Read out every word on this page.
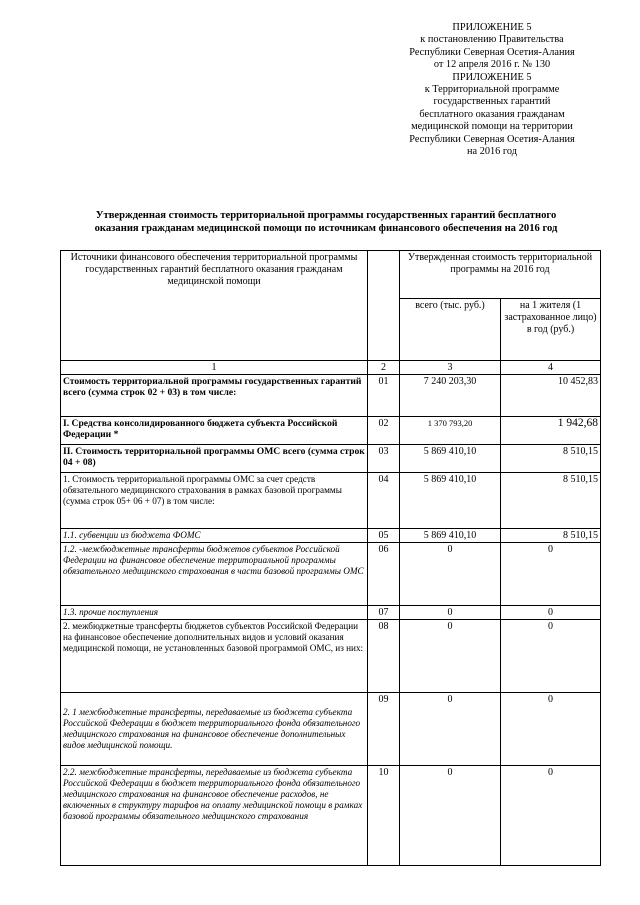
ПРИЛОЖЕНИЕ 5
к постановлению Правительства
Республики Северная Осетия-Алания
от 12 апреля 2016 г. № 130
ПРИЛОЖЕНИЕ 5
к Территориальной программе
государственных гарантий
бесплатного оказания гражданам
медицинской помощи на территории
Республики Северная Осетия-Алания
на 2016 год
Утвержденная стоимость территориальной программы государственных гарантий бесплатного
оказания гражданам медицинской помощи по источникам финансового обеспечения на 2016 год
Источники финансового обеспечения территориальной программы государственных гарантий бесплатного оказания гражданам медицинской помощи		Утвержденная стоимость территориальной программы на 2016 год	
		всего (тыс. руб.)	на 1 жителя (1 застрахованное лицо) в год (руб.)
1	2	3	4
Стоимость территориальной программы государственных гарантий всего (сумма строк 02 + 03) в том числе:	01	7 240 203,30	10 452,83
I. Средства консолидированного бюджета субъекта Российской Федерации *	02	1 370 793,20	1 942,68
II. Стоимость территориальной программы ОМС всего (сумма строк 04 + 08)	03	5 869 410,10	8 510,15
1. Стоимость территориальной программы ОМС за счет средств обязательного медицинского страхования в рамках базовой программы (сумма строк 05+ 06 + 07) в том числе:	04	5 869 410,10	8 510,15
1.1. субвенции из бюджета ФОМС	05	5 869 410,10	8 510,15
1.2. -межбюджетные трансферты бюджетов субъектов Российской Федерации на финансовое обеспечение территориальной программы обязательного медицинского страхования в части базовой программы ОМС	06	0	0
1.3. прочие поступления	07	0	0
2. межбюджетные трансферты бюджетов субъектов Российской Федерации на финансовое обеспечение дополнительных видов и условий оказания медицинской помощи, не установленных базовой программой ОМС, из них:	08	0	0
2. 1 межбюджетные трансферты, передаваемые из бюджета субъекта Российской Федерации в бюджет территориального фонда обязательного медицинского страхования на финансовое обеспечение дополнительных видов медицинской помощи.	09	0	0
2.2. межбюджетные трансферты, передаваемые из бюджета субъекта Российской Федерации в бюджет территориального фонда обязательного медицинского страхования на финансовое обеспечение расходов, не включенных в структуру тарифов на оплату медицинской помощи в рамках базовой программы обязательного медицинского страхования	10	0	0
